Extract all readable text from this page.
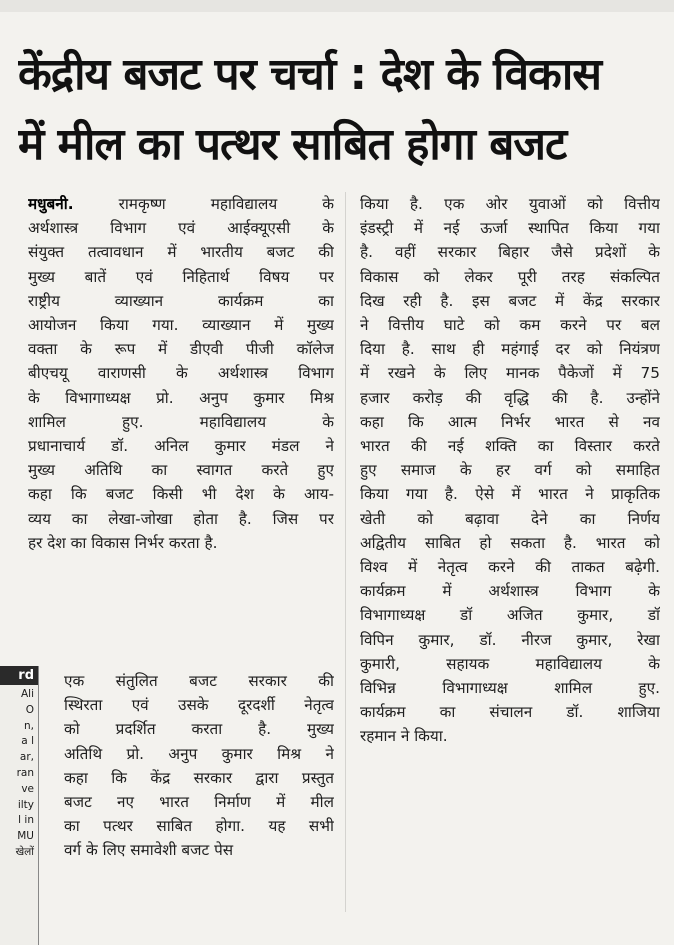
केंद्रीय बजट पर चर्चा : देश के विकास
में मील का पत्थर साबित होगा बजट
rd
Ali
O
n,
a l
ar,
ran
ve
ilty
l in
MU
खेलों
मधुबनी. रामकृष्ण महाविद्यालय के
अर्थशास्त्र विभाग एवं आईक्यूएसी के
संयुक्त तत्वावधान में भारतीय बजट की
मुख्य बातें एवं निहितार्थ विषय पर
राष्ट्रीय व्याख्यान कार्यक्रम का
आयोजन किया गया. व्याख्यान में मुख्य
वक्ता के रूप में डीएवी पीजी कॉलेज
बीएचयू वाराणसी के अर्थशास्त्र विभाग
के विभागाध्यक्ष प्रो. अनुप कुमार मिश्र
शामिल हुए. महाविद्यालय के
प्रधानाचार्य डॉ. अनिल कुमार मंडल ने
मुख्य अतिथि का स्वागत करते हुए
कहा कि बजट किसी भी देश के आय-
व्यय का लेखा-जोखा होता है. जिस पर
हर देश का विकास निर्भर करता है.
एक संतुलित बजट सरकार की
स्थिरता एवं उसके दूरदर्शी नेतृत्व
को प्रदर्शित करता है. मुख्य
अतिथि प्रो. अनुप कुमार मिश्र ने
कहा कि केंद्र सरकार द्वारा प्रस्तुत
बजट नए भारत निर्माण में मील
का पत्थर साबित होगा. यह सभी
वर्ग के लिए समावेशी बजट पेस
किया है. एक ओर युवाओं को वित्तीय
इंडस्ट्री में नई ऊर्जा स्थापित किया गया
है. वहीं सरकार बिहार जैसे प्रदेशों के
विकास को लेकर पूरी तरह संकल्पित
दिख रही है. इस बजट में केंद्र सरकार
ने वित्तीय घाटे को कम करने पर बल
दिया है. साथ ही महंगाई दर को नियंत्रण
में रखने के लिए मानक पैकेजों में 75
हजार करोड़ की वृद्धि की है. उन्होंने
कहा कि आत्म निर्भर भारत से नव
भारत की नई शक्ति का विस्तार करते
हुए समाज के हर वर्ग को समाहित
किया गया है. ऐसे में भारत ने प्राकृतिक
खेती को बढ़ावा देने का निर्णय
अद्वितीय साबित हो सकता है. भारत को
विश्व में नेतृत्व करने की ताकत बढ़ेगी.
कार्यक्रम में अर्थशास्त्र विभाग के
विभागाध्यक्ष डॉ अजित कुमार, डॉ
विपिन कुमार, डॉ. नीरज कुमार, रेखा
कुमारी, सहायक महाविद्यालय के
विभिन्न विभागाध्यक्ष शामिल हुए.
कार्यक्रम का संचालन डॉ. शाजिया
रहमान ने किया.
